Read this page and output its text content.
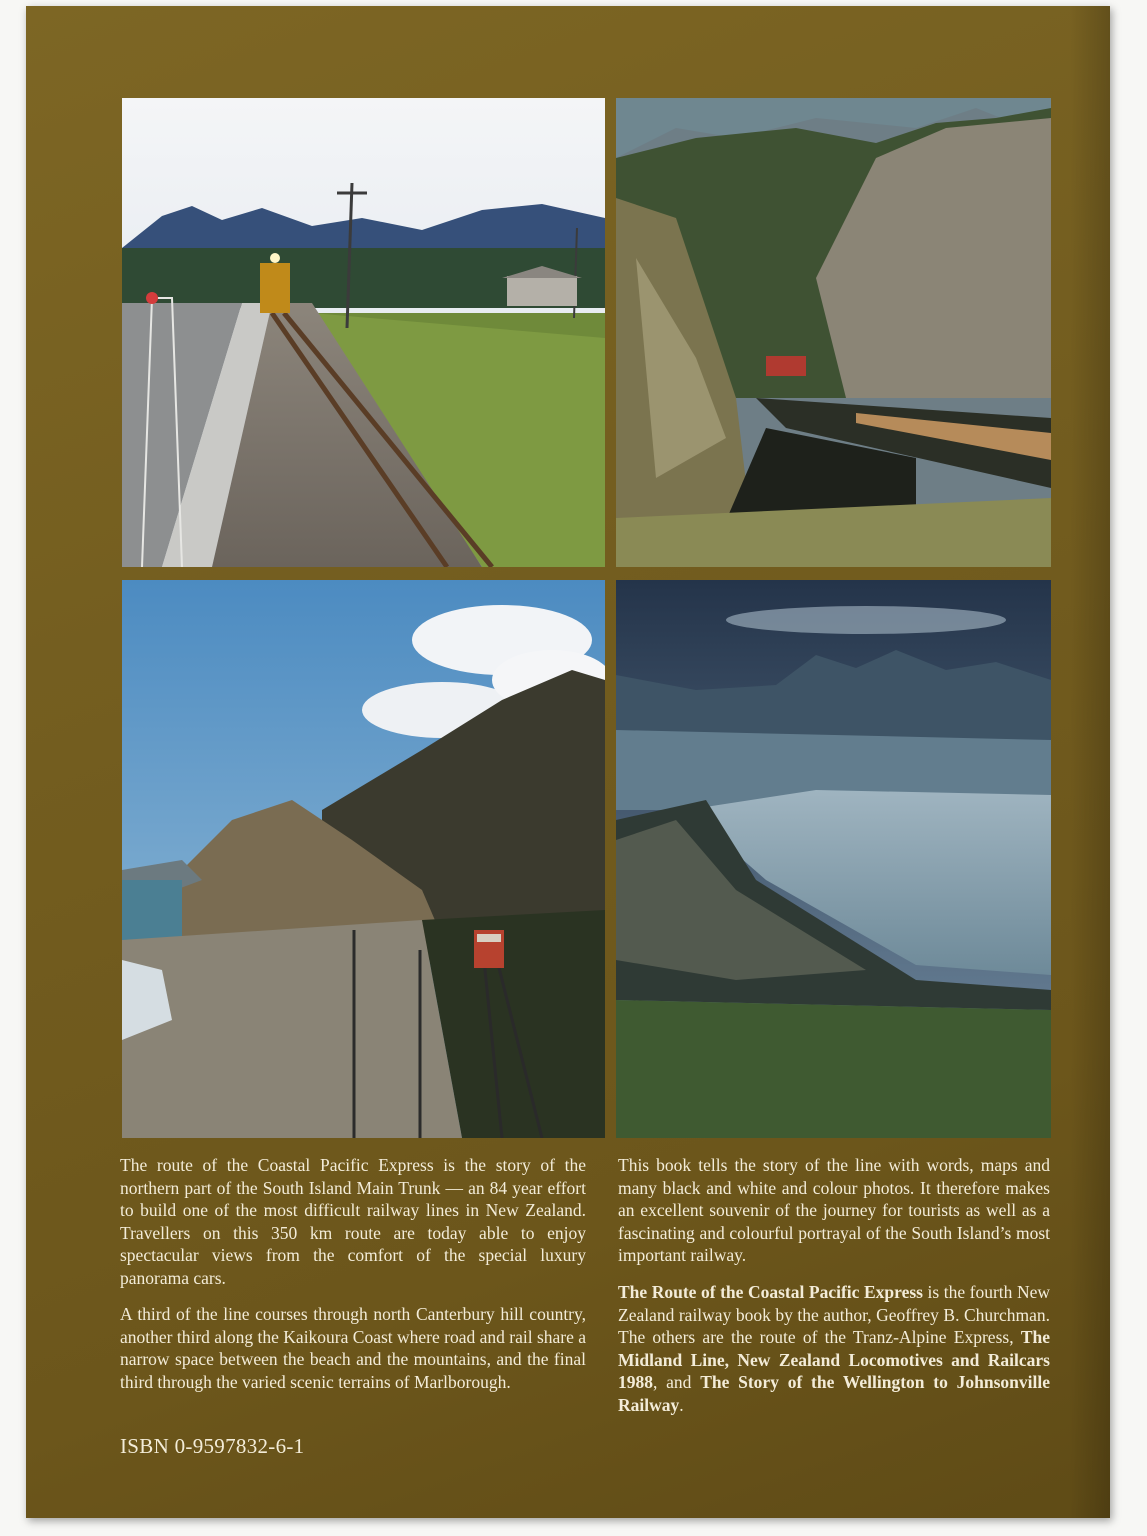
The route of the Coastal Pacific Express is the story of the northern part of the South Island Main Trunk — an 84 year effort to build one of the most difficult railway lines in New Zealand. Travellers on this 350 km route are today able to enjoy spectacular views from the comfort of the special luxury panorama cars.

A third of the line courses through north Canterbury hill country, another third along the Kaikoura Coast where road and rail share a narrow space between the beach and the mountains, and the final third through the varied scenic terrains of Marlborough.

This book tells the story of the line with words, maps and many black and white and colour photos. It therefore makes an excellent souvenir of the journey for tourists as well as a fascinating and colourful portrayal of the South Island’s most important railway.

The Route of the Coastal Pacific Express is the fourth New Zealand railway book by the author, Geoffrey B. Churchman. The others are the route of the Tranz-Alpine Express, The Midland Line, New Zealand Locomotives and Railcars 1988, and The Story of the Wellington to Johnsonville Railway.

ISBN 0-9597832-6-1
